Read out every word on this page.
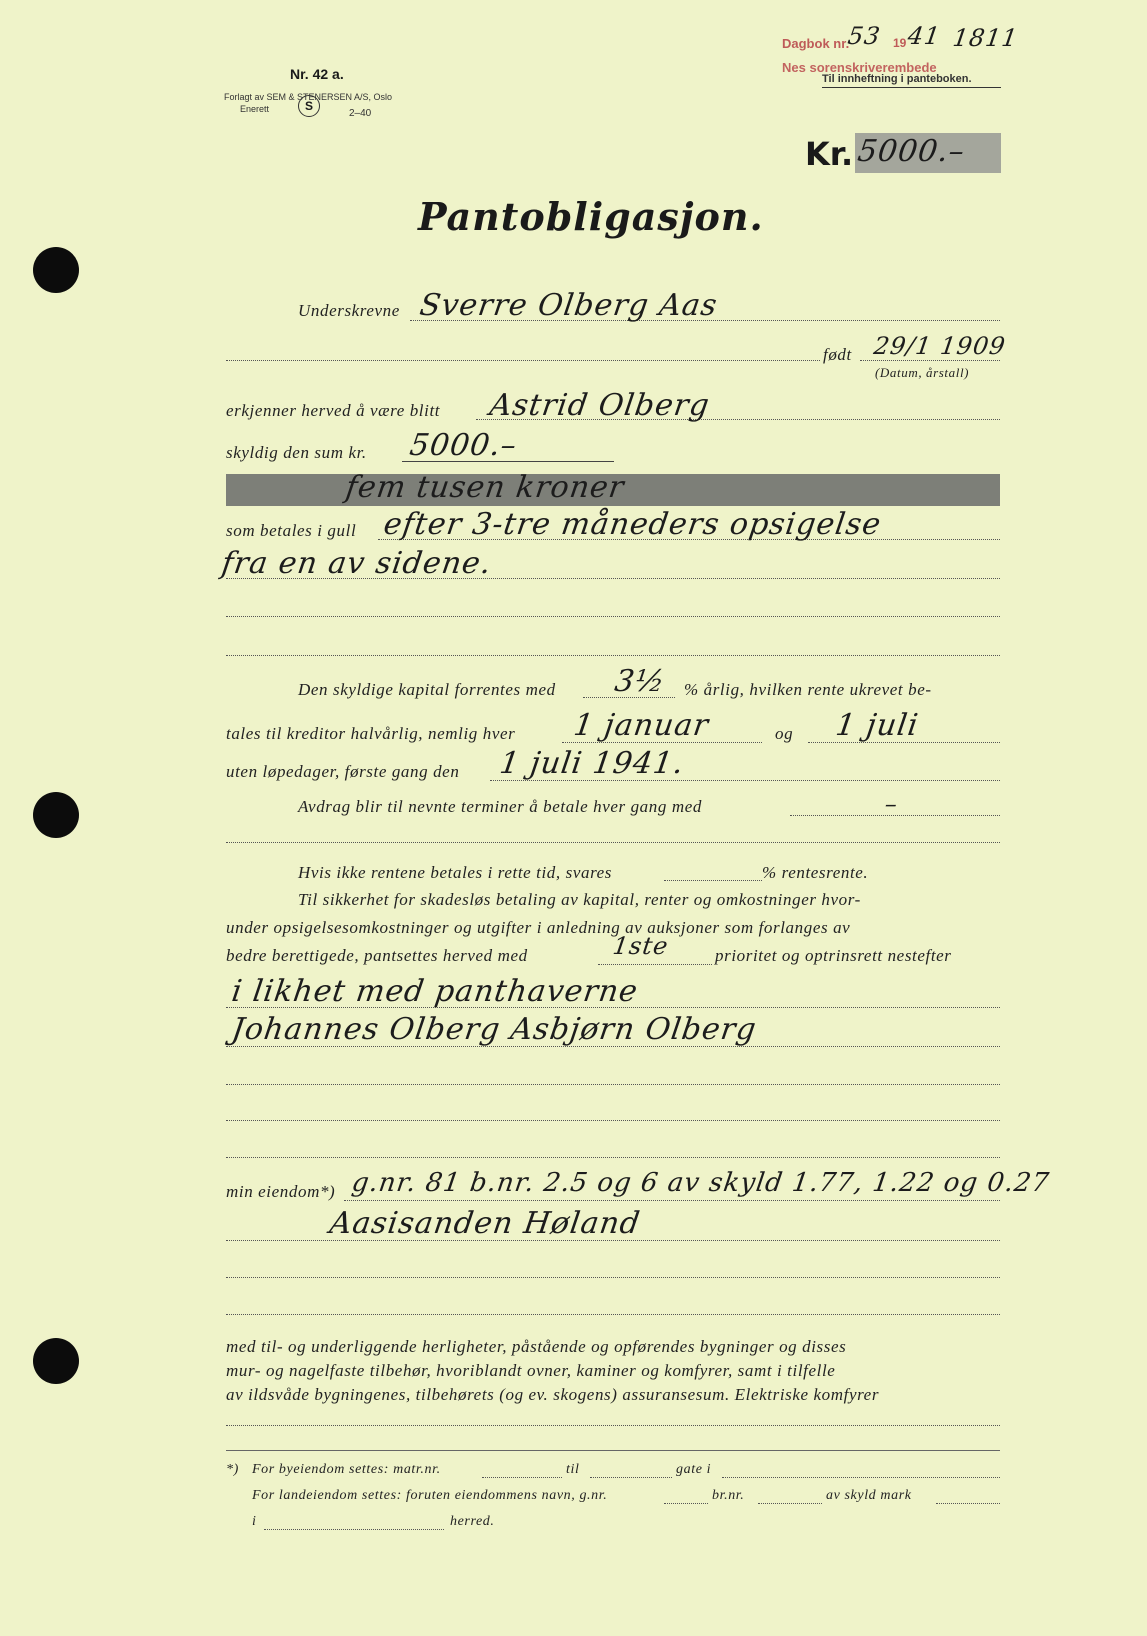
Nr. 42 a.
Forlagt av SEM & STENERSEN A/S, Oslo
Enerett	S
2–40
Dagbok nr.
53 19 41 1811
Nes sorenskriverembede
Til innheftning i panteboken.
Kr. 5000.–
Pantobligasjon.
Underskrevne Sverre Olberg Aas
født 29/1 1909
(Datum, årstall)
erkjenner herved å være blitt Astrid Olberg
skyldig den sum kr. 5000.–
fem tusen kroner
som betales i gull efter 3-tre måneders opsigelse
fra en av sidene.
Den skyldige kapital forrentes med 3½ % årlig, hvilken rente ukrevet be-
tales til kreditor halvårlig, nemlig hver 1 januar	og 1 juli
uten løpedager, første gang den 1 juli 1941.
Avdrag blir til nevnte terminer å betale hver gang med	–
Hvis ikke rentene betales i rette tid, svares	% rentesrente.
Til sikkerhet for skadesløs betaling av kapital, renter og omkostninger hvor-
under opsigelsesomkostninger og utgifter i anledning av auksjoner som forlanges av
bedre berettigede, pantsettes herved med	1ste	prioritet og optrinsrett nestefter
i likhet med panthaverne
Johannes Olberg Asbjørn Olberg
min eiendom*) g.nr. 81 b.nr. 2.5 og 6 av skyld 1.77, 1.22 og 0.27
Aasisanden Høland
med til- og underliggende herligheter, påstående og opførendes bygninger og disses
mur- og nagelfaste tilbehør, hvoriblandt ovner, kaminer og komfyrer, samt i tilfelle
av ildsvåde bygningenes, tilbehørets (og ev. skogens) assuransesum. Elektriske komfyrer
*) For byeiendom settes: matr.nr.	til	gate i
For landeiendom settes: foruten eiendommens navn, g.nr.	br.nr.	av skyld mark
i	herred.
